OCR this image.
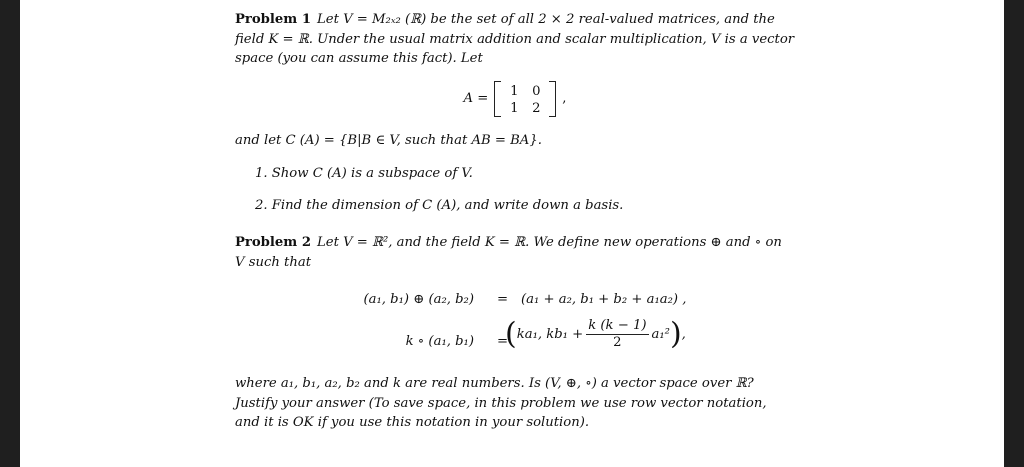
Problem 1 Let V = M₂ₓ₂ (ℝ) be the set of all 2 × 2 real-valued matrices, and the field K = ℝ. Under the usual matrix addition and scalar multiplication, V is a vector space (you can assume this fact). Let

A =	1	0
1	2
,

and let C (A) = {B|B ∈ V, such that AB = BA}.

1. Show C (A) is a subspace of V.
2. Find the dimension of C (A), and write down a basis.

Problem 2 Let V = ℝ², and the field K = ℝ. We define new operations ⊕ and ∘ on V such that

(a₁, b₁) ⊕ (a₂, b₂) = (a₁ + a₂, b₁ + b₂ + a₁a₂) ,
k ∘ (a₁, b₁) =
(ka₁, $kb_1 + \frac{k (k - 1)}{2} a_1^2$),

where a₁, b₁, a₂, b₂ and k are real numbers. Is (V, ⊕, ∘) a vector space over ℝ? Justify your answer (To save space, in this problem we use row vector notation, and it is OK if you use this notation in your solution).
